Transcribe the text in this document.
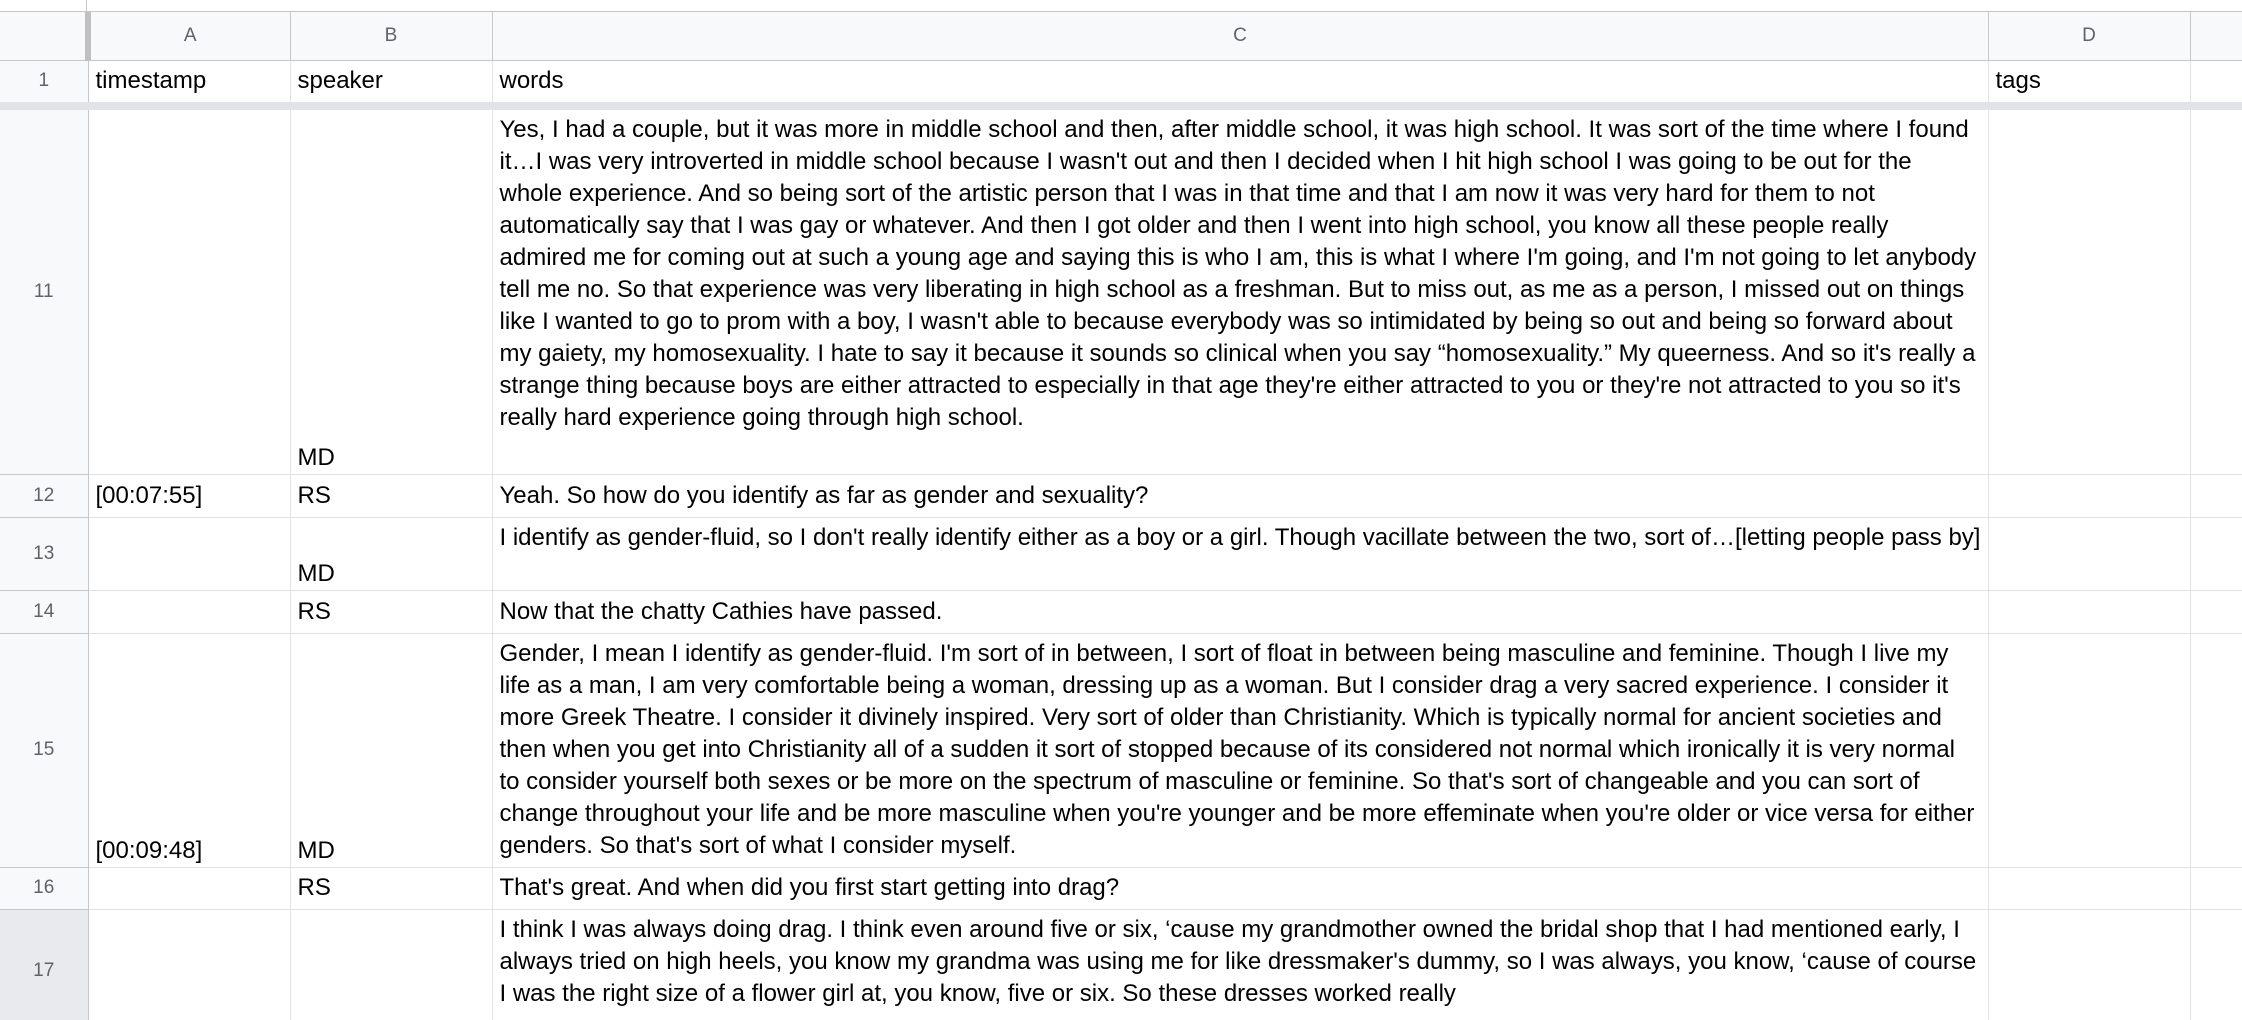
	A	B	C	D	
1	timestamp	speaker	words	tags	

11		MD	Yes, I had a couple, but it was more in middle school and then, after middle school, it was high school. It was sort of the time where I found it…I was very introverted in middle school because I wasn't out and then I decided when I hit high school I was going to be out for the whole experience. And so being sort of the artistic person that I was in that time and that I am now it was very hard for them to not automatically say that I was gay or whatever. And then I got older and then I went into high school, you know all these people really admired me for coming out at such a young age and saying this is who I am, this is what I where I'm going, and I'm not going to let anybody tell me no. So that experience was very liberating in high school as a freshman. But to miss out, as me as a person, I missed out on things like I wanted to go to prom with a boy, I wasn't able to because everybody was so intimidated by being so out and being so forward about my gaiety, my homosexuality. I hate to say it because it sounds so clinical when you say “homosexuality.” My queerness. And so it's really a strange thing because boys are either attracted to especially in that age they're either attracted to you or they're not attracted to you so it's really hard experience going through high school.		
12	[00:07:55]	RS	Yeah. So how do you identify as far as gender and sexuality?		
13		MD	I identify as gender-fluid, so I don't really identify either as a boy or a girl. Though vacillate between the two, sort of…[letting people pass by]		
14		RS	Now that the chatty Cathies have passed.		
15	[00:09:48]	MD	Gender, I mean I identify as gender-fluid. I'm sort of in between, I sort of float in between being masculine and feminine. Though I live my life as a man, I am very comfortable being a woman, dressing up as a woman. But I consider drag a very sacred experience. I consider it more Greek Theatre. I consider it divinely inspired. Very sort of older than Christianity. Which is typically normal for ancient societies and then when you get into Christianity all of a sudden it sort of stopped because of its considered not normal which ironically it is very normal to consider yourself both sexes or be more on the spectrum of masculine or feminine. So that's sort of changeable and you can sort of change throughout your life and be more masculine when you're younger and be more effeminate when you're older or vice versa for either genders. So that's sort of what I consider myself.		
16		RS	That's great. And when did you first start getting into drag?		
17			I think I was always doing drag. I think even around five or six, ‘cause my grandmother owned the bridal shop that I had mentioned early, I always tried on high heels, you know my grandma was using me for like dressmaker's dummy, so I was always, you know, ‘cause of course I was the right size of a flower girl at, you know, five or six. So these dresses worked really		
